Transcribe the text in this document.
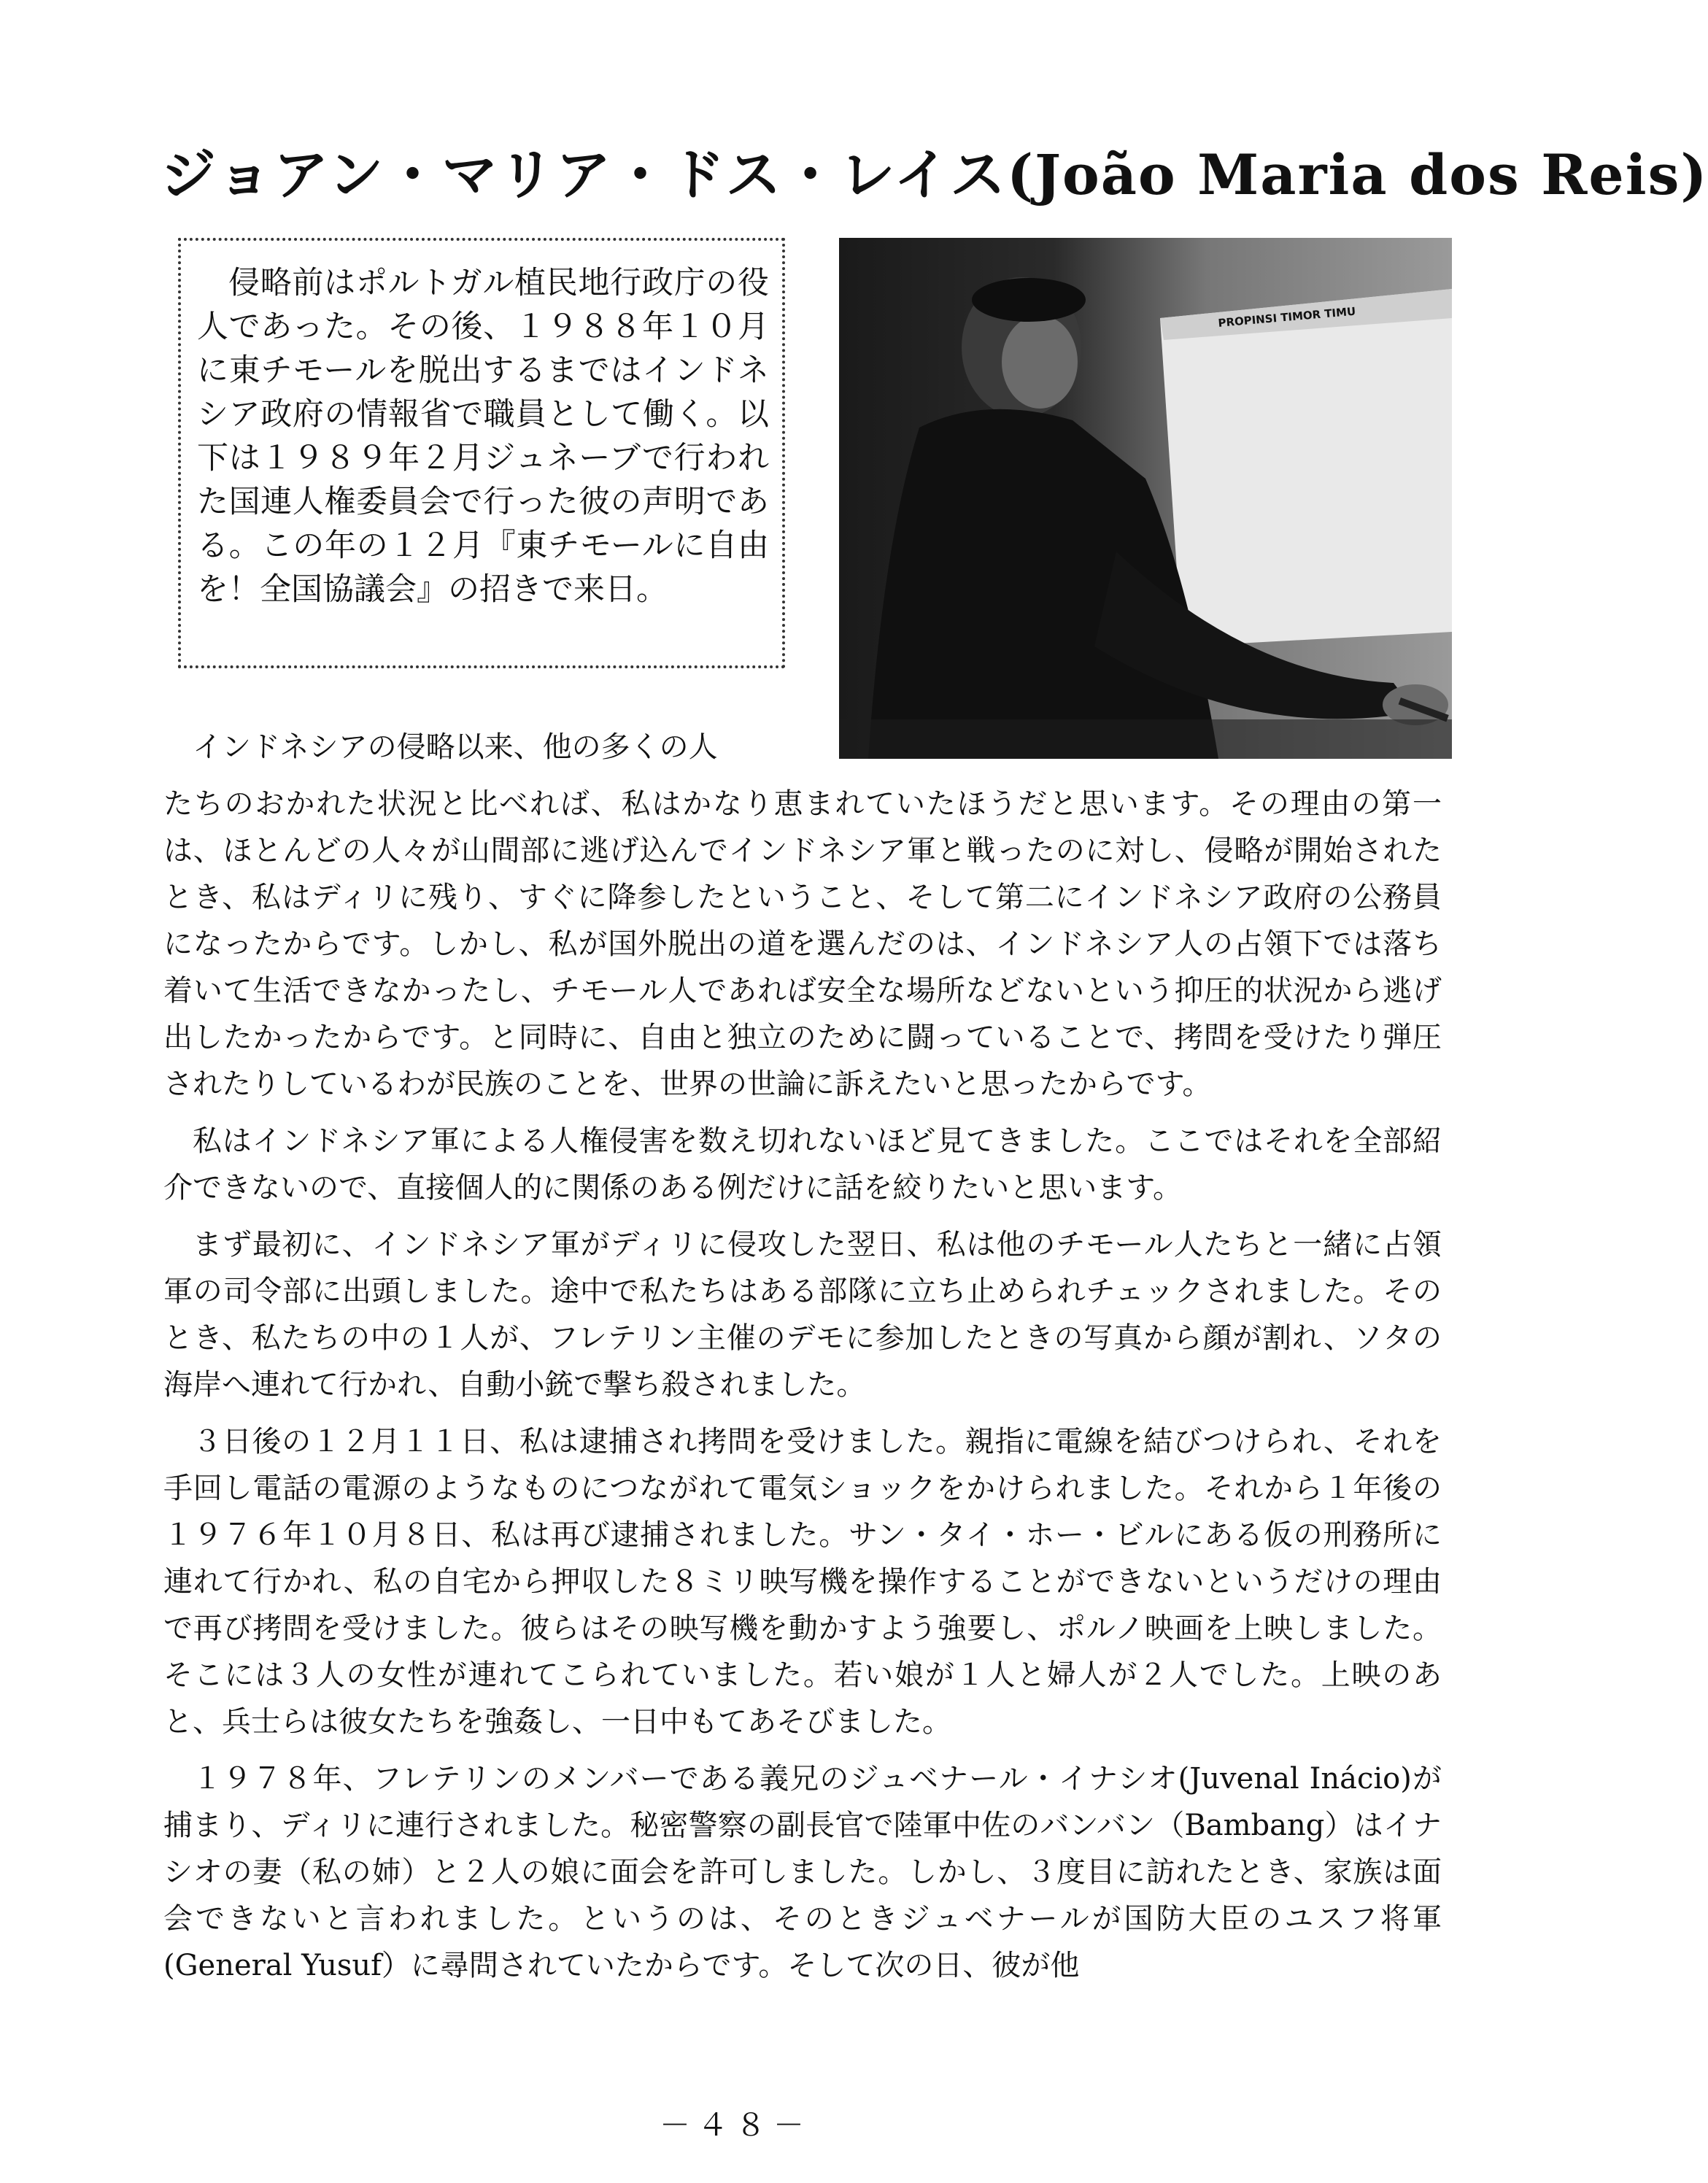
ジョアン・マリア・ドス・レイス(João Maria dos Reis)

侵略前はポルトガル植民地行政庁の役人であった。その後、１９８８年１０月に東チモールを脱出するまではインドネシア政府の情報省で職員として働く。以下は１９８９年２月ジュネーブで行われた国連人権委員会で行った彼の声明である。この年の１２月『東チモールに自由を！全国協議会』の招きで来日。

PROPINSI TIMOR TIMU

インドネシアの侵略以来、他の多くの人

たちのおかれた状況と比べれば、私はかなり恵まれていたほうだと思います。その理由の第一は、ほとんどの人々が山間部に逃げ込んでインドネシア軍と戦ったのに対し、侵略が開始されたとき、私はディリに残り、すぐに降参したということ、そして第二にインドネシア政府の公務員になったからです。しかし、私が国外脱出の道を選んだのは、インドネシア人の占領下では落ち着いて生活できなかったし、チモール人であれば安全な場所などないという抑圧的状況から逃げ出したかったからです。と同時に、自由と独立のために闘っていることで、拷問を受けたり弾圧されたりしているわが民族のことを、世界の世論に訴えたいと思ったからです。

私はインドネシア軍による人権侵害を数え切れないほど見てきました。ここではそれを全部紹介できないので、直接個人的に関係のある例だけに話を絞りたいと思います。

まず最初に、インドネシア軍がディリに侵攻した翌日、私は他のチモール人たちと一緒に占領軍の司令部に出頭しました。途中で私たちはある部隊に立ち止められチェックされました。そのとき、私たちの中の１人が、フレテリン主催のデモに参加したときの写真から顔が割れ、ソタの海岸へ連れて行かれ、自動小銃で撃ち殺されました。

３日後の１２月１１日、私は逮捕され拷問を受けました。親指に電線を結びつけられ、それを手回し電話の電源のようなものにつながれて電気ショックをかけられました。それから１年後の１９７６年１０月８日、私は再び逮捕されました。サン・タイ・ホー・ビルにある仮の刑務所に連れて行かれ、私の自宅から押収した８ミリ映写機を操作することができないというだけの理由で再び拷問を受けました。彼らはその映写機を動かすよう強要し、ポルノ映画を上映しました。そこには３人の女性が連れてこられていました。若い娘が１人と婦人が２人でした。上映のあと、兵士らは彼女たちを強姦し、一日中もてあそびました。

１９７８年、フレテリンのメンバーである義兄のジュベナール・イナシオ(Juvenal Inácio)が捕まり、ディリに連行されました。秘密警察の副長官で陸軍中佐のバンバン（Bambang）はイナシオの妻（私の姉）と２人の娘に面会を許可しました。しかし、３度目に訪れたとき、家族は面会できないと言われました。というのは、そのときジュベナールが国防大臣のユスフ将軍(General Yusuf）に尋問されていたからです。そして次の日、彼が他

－４８－
